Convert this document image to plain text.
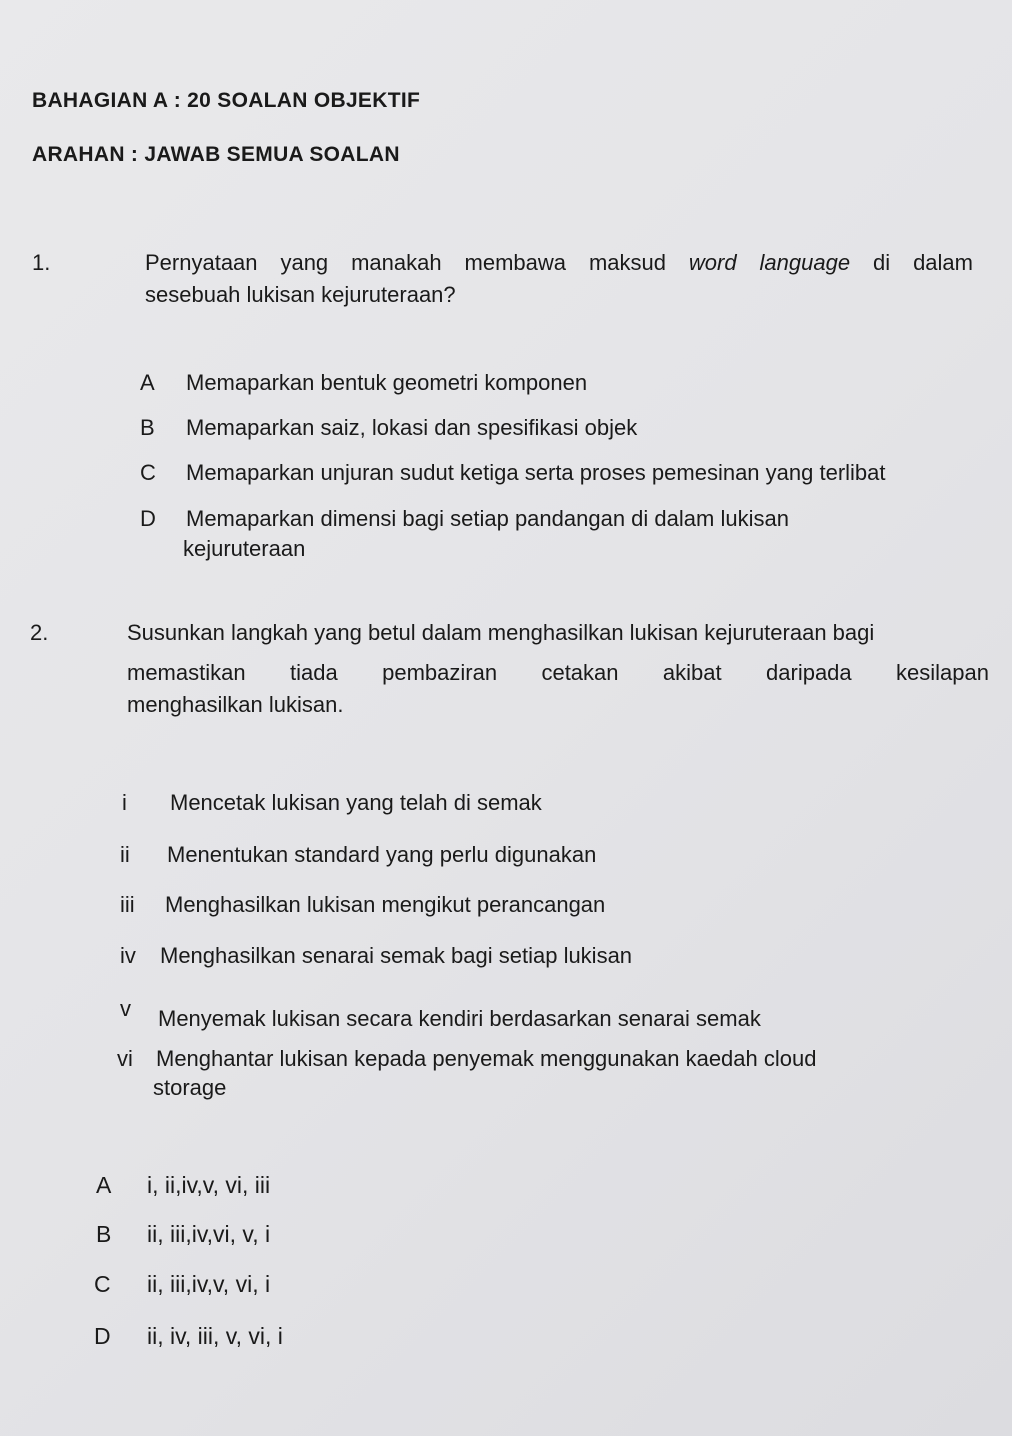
BAHAGIAN A : 20 SOALAN OBJEKTIF
ARAHAN : JAWAB SEMUA SOALAN
1.	Pernyataan yang manakah membawa maksud word language di dalam
sesebuah lukisan kejuruteraan?
A Memaparkan bentuk geometri komponen
B Memaparkan saiz, lokasi dan spesifikasi objek
C Memaparkan unjuran sudut ketiga serta proses pemesinan yang terlibat
D Memaparkan dimensi bagi setiap pandangan di dalam lukisan
kejuruteraan
2.	Susunkan langkah yang betul dalam menghasilkan lukisan kejuruteraan bagi
memastikan tiada pembaziran cetakan akibat daripada kesilapan
menghasilkan lukisan.
i Mencetak lukisan yang telah di semak
ii Menentukan standard yang perlu digunakan
iii Menghasilkan lukisan mengikut perancangan
iv Menghasilkan senarai semak bagi setiap lukisan
v Menyemak lukisan secara kendiri berdasarkan senarai semak
vi Menghantar lukisan kepada penyemak menggunakan kaedah cloud
storage
A i, ii,iv,v, vi, iii
B ii, iii,iv,vi, v, i
C ii, iii,iv,v, vi, i
D ii, iv, iii, v, vi, i
